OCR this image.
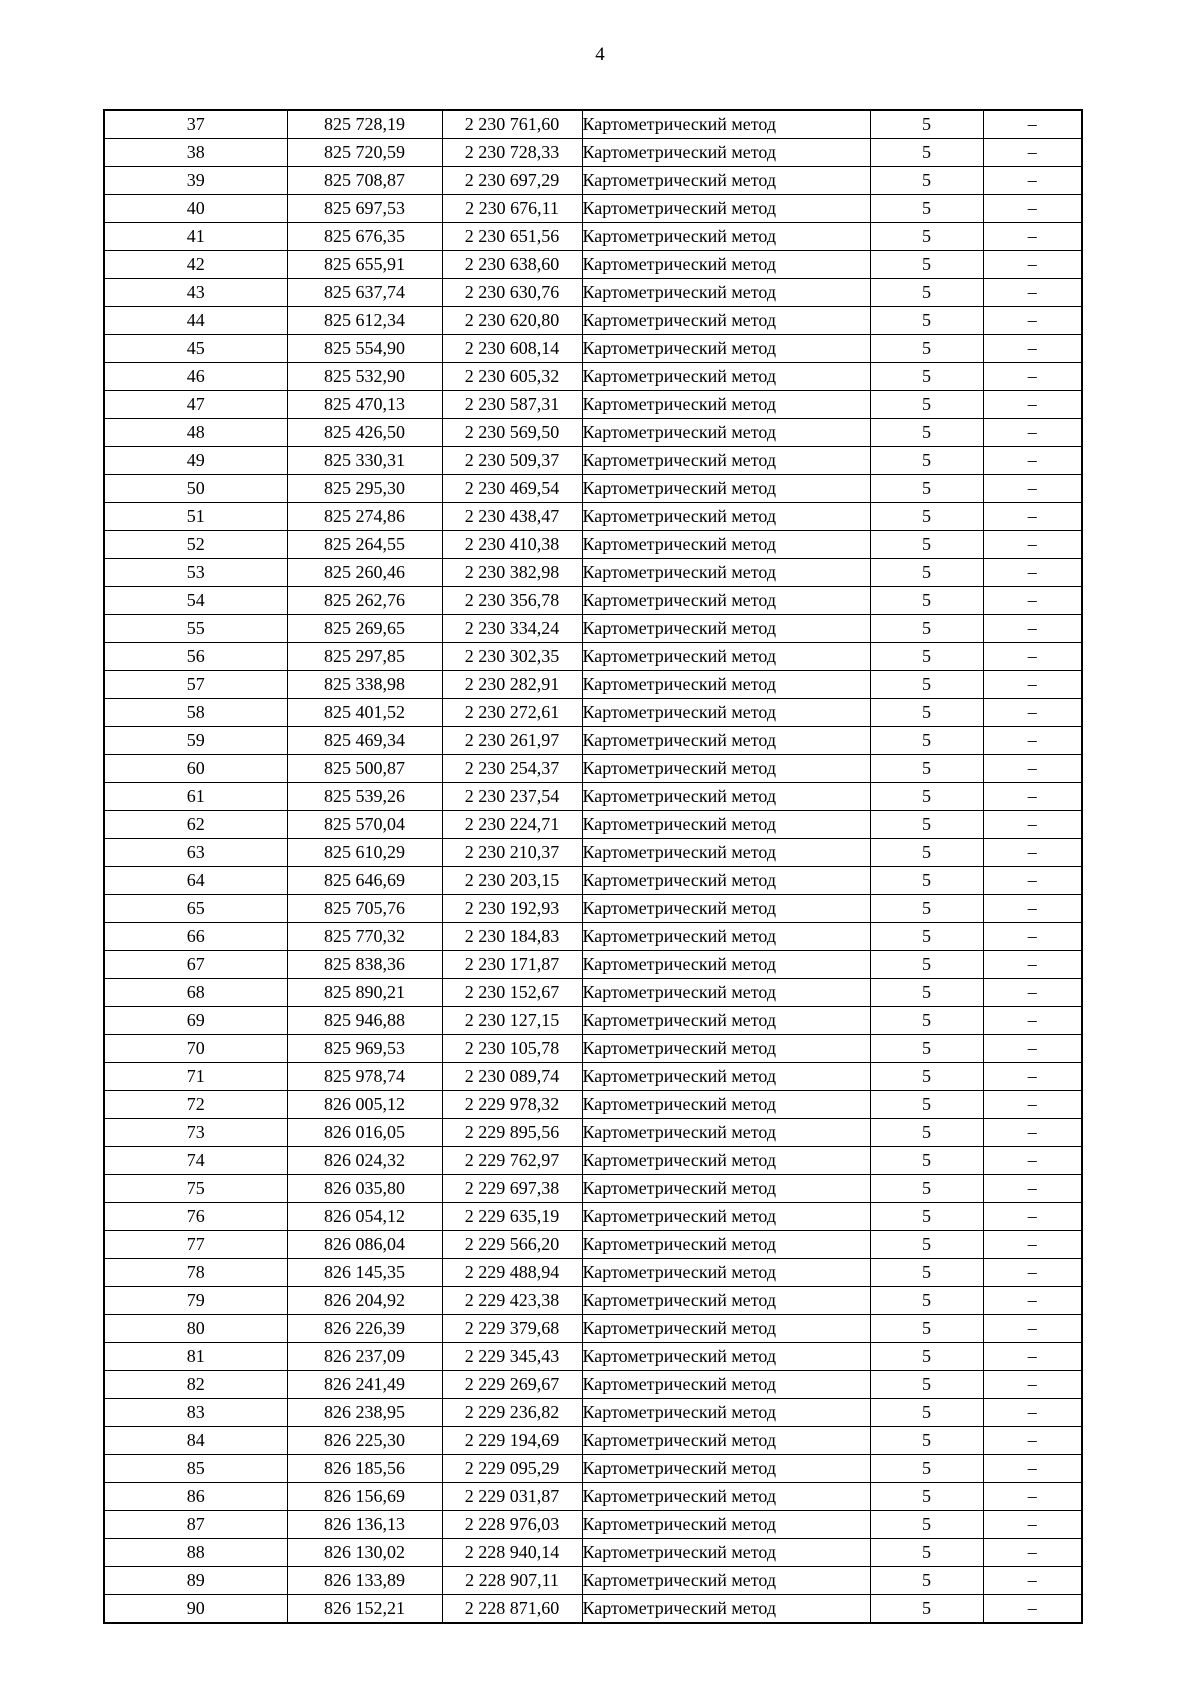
4
37	825 728,19	2 230 761,60	Картометрический метод	5	–
38	825 720,59	2 230 728,33	Картометрический метод	5	–
39	825 708,87	2 230 697,29	Картометрический метод	5	–
40	825 697,53	2 230 676,11	Картометрический метод	5	–
41	825 676,35	2 230 651,56	Картометрический метод	5	–
42	825 655,91	2 230 638,60	Картометрический метод	5	–
43	825 637,74	2 230 630,76	Картометрический метод	5	–
44	825 612,34	2 230 620,80	Картометрический метод	5	–
45	825 554,90	2 230 608,14	Картометрический метод	5	–
46	825 532,90	2 230 605,32	Картометрический метод	5	–
47	825 470,13	2 230 587,31	Картометрический метод	5	–
48	825 426,50	2 230 569,50	Картометрический метод	5	–
49	825 330,31	2 230 509,37	Картометрический метод	5	–
50	825 295,30	2 230 469,54	Картометрический метод	5	–
51	825 274,86	2 230 438,47	Картометрический метод	5	–
52	825 264,55	2 230 410,38	Картометрический метод	5	–
53	825 260,46	2 230 382,98	Картометрический метод	5	–
54	825 262,76	2 230 356,78	Картометрический метод	5	–
55	825 269,65	2 230 334,24	Картометрический метод	5	–
56	825 297,85	2 230 302,35	Картометрический метод	5	–
57	825 338,98	2 230 282,91	Картометрический метод	5	–
58	825 401,52	2 230 272,61	Картометрический метод	5	–
59	825 469,34	2 230 261,97	Картометрический метод	5	–
60	825 500,87	2 230 254,37	Картометрический метод	5	–
61	825 539,26	2 230 237,54	Картометрический метод	5	–
62	825 570,04	2 230 224,71	Картометрический метод	5	–
63	825 610,29	2 230 210,37	Картометрический метод	5	–
64	825 646,69	2 230 203,15	Картометрический метод	5	–
65	825 705,76	2 230 192,93	Картометрический метод	5	–
66	825 770,32	2 230 184,83	Картометрический метод	5	–
67	825 838,36	2 230 171,87	Картометрический метод	5	–
68	825 890,21	2 230 152,67	Картометрический метод	5	–
69	825 946,88	2 230 127,15	Картометрический метод	5	–
70	825 969,53	2 230 105,78	Картометрический метод	5	–
71	825 978,74	2 230 089,74	Картометрический метод	5	–
72	826 005,12	2 229 978,32	Картометрический метод	5	–
73	826 016,05	2 229 895,56	Картометрический метод	5	–
74	826 024,32	2 229 762,97	Картометрический метод	5	–
75	826 035,80	2 229 697,38	Картометрический метод	5	–
76	826 054,12	2 229 635,19	Картометрический метод	5	–
77	826 086,04	2 229 566,20	Картометрический метод	5	–
78	826 145,35	2 229 488,94	Картометрический метод	5	–
79	826 204,92	2 229 423,38	Картометрический метод	5	–
80	826 226,39	2 229 379,68	Картометрический метод	5	–
81	826 237,09	2 229 345,43	Картометрический метод	5	–
82	826 241,49	2 229 269,67	Картометрический метод	5	–
83	826 238,95	2 229 236,82	Картометрический метод	5	–
84	826 225,30	2 229 194,69	Картометрический метод	5	–
85	826 185,56	2 229 095,29	Картометрический метод	5	–
86	826 156,69	2 229 031,87	Картометрический метод	5	–
87	826 136,13	2 228 976,03	Картометрический метод	5	–
88	826 130,02	2 228 940,14	Картометрический метод	5	–
89	826 133,89	2 228 907,11	Картометрический метод	5	–
90	826 152,21	2 228 871,60	Картометрический метод	5	–
